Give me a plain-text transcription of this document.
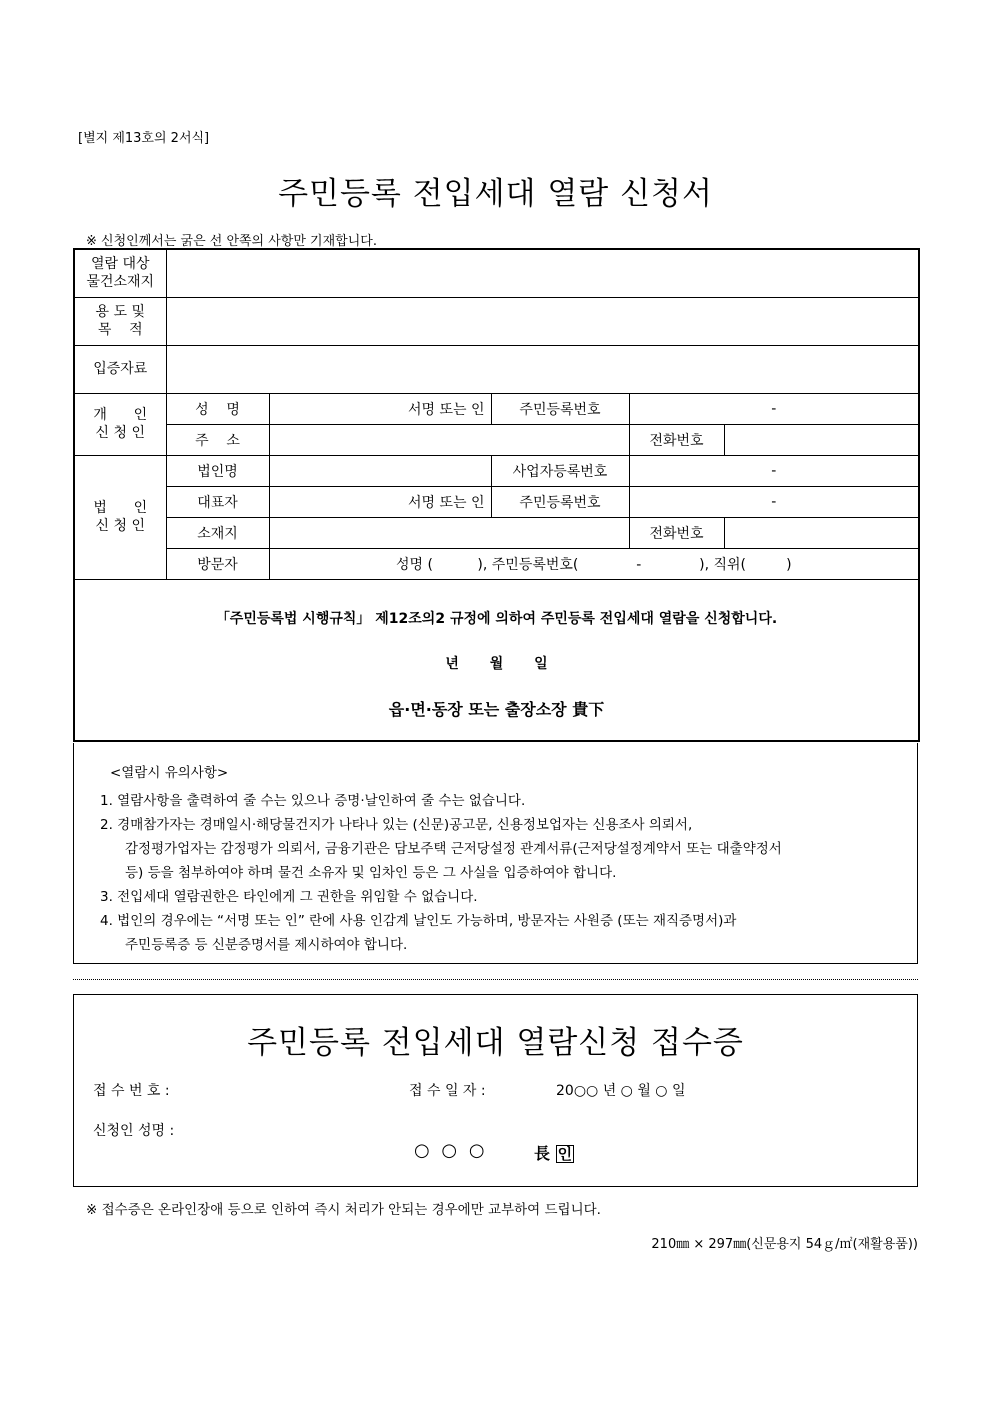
[별지 제13호의 2서식]
주민등록 전입세대 열람 신청서
※ 신청인께서는 굵은 선 안쪽의 사항만 기재합니다.
열람 대상
물건소재지					
용 도 및
목    적					
입증자료					
개      인
신 청 인	성    명	서명 또는 인	주민등록번호	-	
	주    소			전화번호	
법      인
신 청 인	법인명		사업자등록번호	-	
	대표자	서명 또는 인	주민등록번호	-	
	소재지			전화번호	
	방문자	성명 (          ), 주민등록번호(             -             ), 직위(         )			

「주민등록법 시행규칙」 제12조의2 규정에 의하여 주민등록 전입세대 열람을 신청합니다.

년 월 일

읍·면·동장 또는 출장소장 貴下					

<열람시 유의사항>
1. 열람사항을 출력하여 줄 수는 있으나 증명·날인하여 줄 수는 없습니다.
2. 경매참가자는 경매일시·해당물건지가 나타나 있는 (신문)공고문, 신용정보업자는 신용조사 의뢰서,
감정평가업자는 감정평가 의뢰서, 금융기관은 담보주택 근저당설정 관계서류(근저당설정계약서 또는 대출약정서
등) 등을 첨부하여야 하며 물건 소유자 및 임차인 등은 그 사실을 입증하여야 합니다.
3. 전입세대 열람권한은 타인에게 그 권한을 위임할 수 없습니다.
4. 법인의 경우에는 “서명 또는 인” 란에 사용 인감계 날인도 가능하며, 방문자는 사원증 (또는 재직증명서)과
주민등록증 등 신분증명서를 제시하여야 합니다.
주민등록 전입세대 열람신청 접수증
접 수 번 호 :	접 수 일 자 :	20○○ 년 ○ 월 ○ 일
신청인 성명 :
○ ○ ○	長 인
※ 접수증은 온라인장애 등으로 인하여 즉시 처리가 안되는 경우에만 교부하여 드립니다.
210㎜ × 297㎜(신문용지 54ｇ/㎡(재활용품))
